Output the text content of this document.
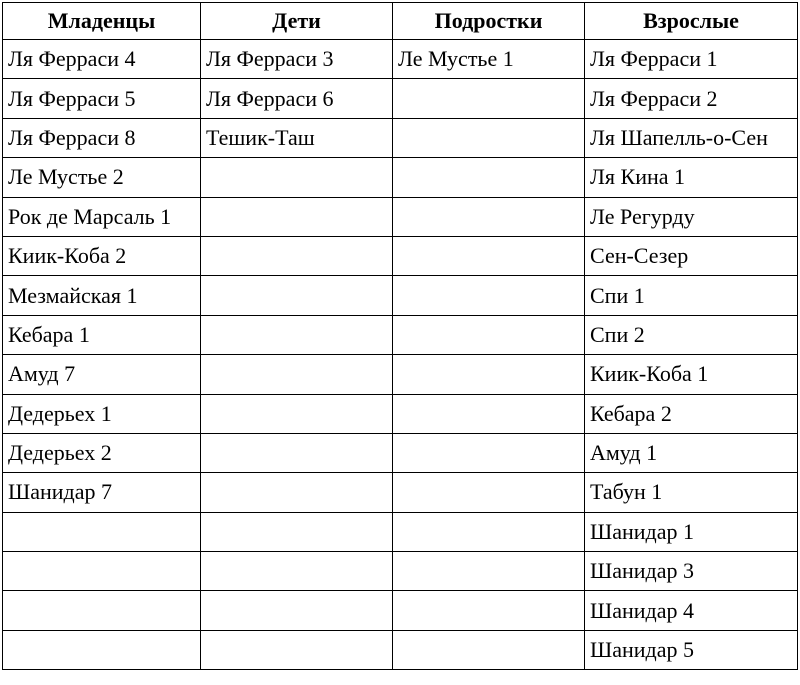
Младенцы	Дети	Подростки	Взрослые
Ля Ферраси 4	Ля Ферраси 3	Ле Мустье 1	Ля Ферраси 1
Ля Ферраси 5	Ля Ферраси 6		Ля Ферраси 2
Ля Ферраси 8	Тешик-Таш		Ля Шапелль-о-Сен
Ле Мустье 2			Ля Кина 1
Рок де Марсаль 1			Ле Регурду
Киик-Коба 2			Сен-Сезер
Мезмайская 1			Спи 1
Кебара 1			Спи 2
Амуд 7			Киик-Коба 1
Дедерьех 1			Кебара 2
Дедерьех 2			Амуд 1
Шанидар 7			Табун 1
			Шанидар 1
			Шанидар 3
			Шанидар 4
			Шанидар 5
